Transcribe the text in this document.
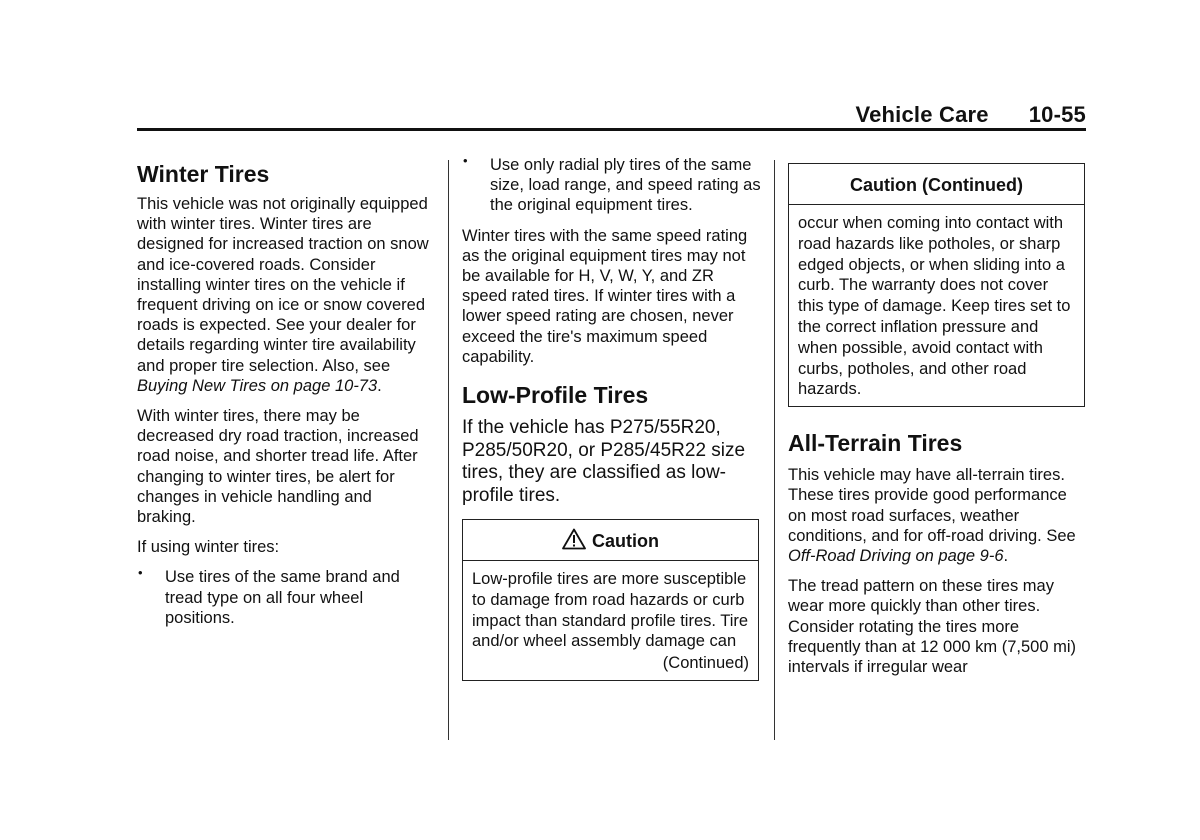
Vehicle Care 10-55
Winter Tires

This vehicle was not originally equipped with winter tires. Winter tires are designed for increased traction on snow and ice-covered roads. Consider installing winter tires on the vehicle if frequent driving on ice or snow covered roads is expected. See your dealer for details regarding winter tire availability and proper tire selection. Also, see Buying New Tires on page 10-73.

With winter tires, there may be decreased dry road traction, increased road noise, and shorter tread life. After changing to winter tires, be alert for changes in vehicle handling and braking.

If using winter tires:

• Use tires of the same brand and tread type on all four wheel positions.
• Use only radial ply tires of the same size, load range, and speed rating as the original equipment tires.

Winter tires with the same speed rating as the original equipment tires may not be available for H, V, W, Y, and ZR speed rated tires. If winter tires with a lower speed rating are chosen, never exceed the tire's maximum speed capability.

Low-Profile Tires

If the vehicle has P275/55R20, P285/50R20, or P285/45R22 size tires, they are classified as low-profile tires.

Caution
Low-profile tires are more susceptible to damage from road hazards or curb impact than standard profile tires. Tire and/or wheel assembly damage can
(Continued)
Caution (Continued)
occur when coming into contact with road hazards like potholes, or sharp edged objects, or when sliding into a curb. The warranty does not cover this type of damage. Keep tires set to the correct inflation pressure and when possible, avoid contact with curbs, potholes, and other road hazards.
All-Terrain Tires

This vehicle may have all-terrain tires. These tires provide good performance on most road surfaces, weather conditions, and for off-road driving. See Off-Road Driving on page 9-6.

The tread pattern on these tires may wear more quickly than other tires. Consider rotating the tires more frequently than at 12 000 km (7,500 mi) intervals if irregular wear
